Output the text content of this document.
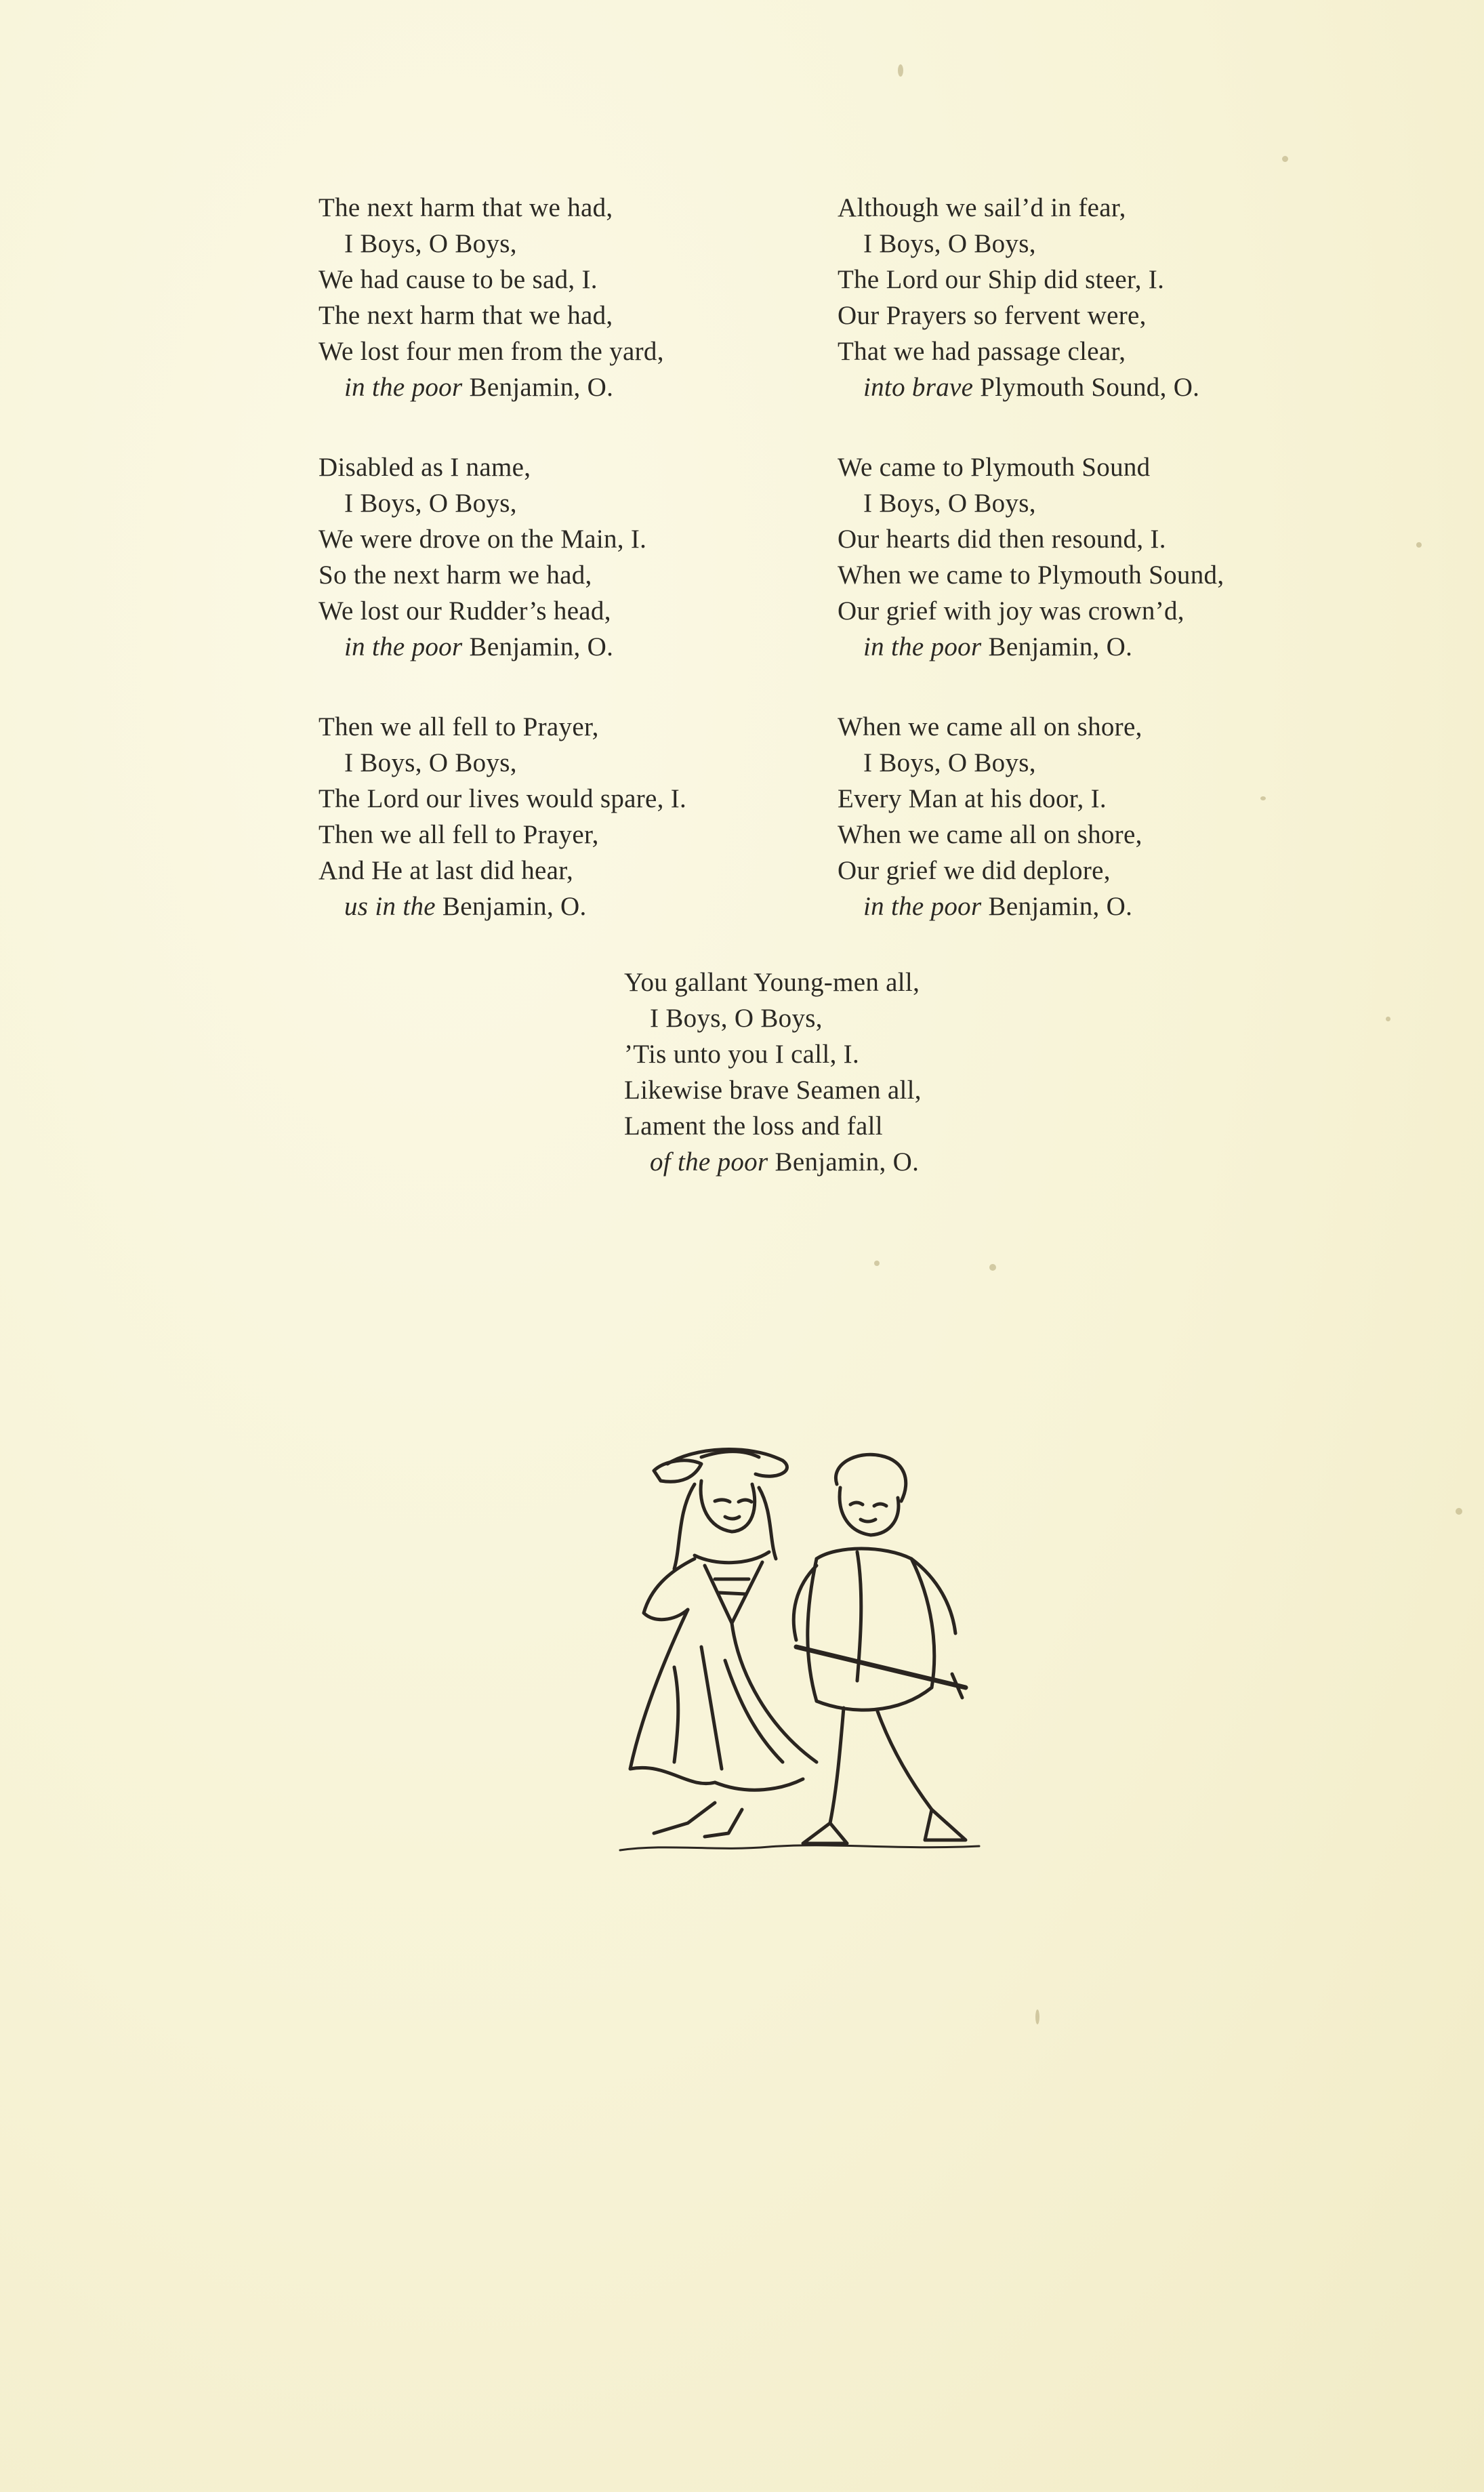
The next harm that we had,
I Boys, O Boys,
We had cause to be sad, I.
The next harm that we had,
We lost four men from the yard,
in the poor Benjamin, O.
Although we sail’d in fear,
I Boys, O Boys,
The Lord our Ship did steer, I.
Our Prayers so fervent were,
That we had passage clear,
into brave Plymouth Sound, O.
Disabled as I name,
I Boys, O Boys,
We were drove on the Main, I.
So the next harm we had,
We lost our Rudder’s head,
in the poor Benjamin, O.
We came to Plymouth Sound
I Boys, O Boys,
Our hearts did then resound, I.
When we came to Plymouth Sound,
Our grief with joy was crown’d,
in the poor Benjamin, O.
Then we all fell to Prayer,
I Boys, O Boys,
The Lord our lives would spare, I.
Then we all fell to Prayer,
And He at last did hear,
us in the Benjamin, O.
When we came all on shore,
I Boys, O Boys,
Every Man at his door, I.
When we came all on shore,
Our grief we did deplore,
in the poor Benjamin, O.
You gallant Young-men all,
I Boys, O Boys,
’Tis unto you I call, I.
Likewise brave Seamen all,
Lament the loss and fall
of the poor Benjamin, O.
